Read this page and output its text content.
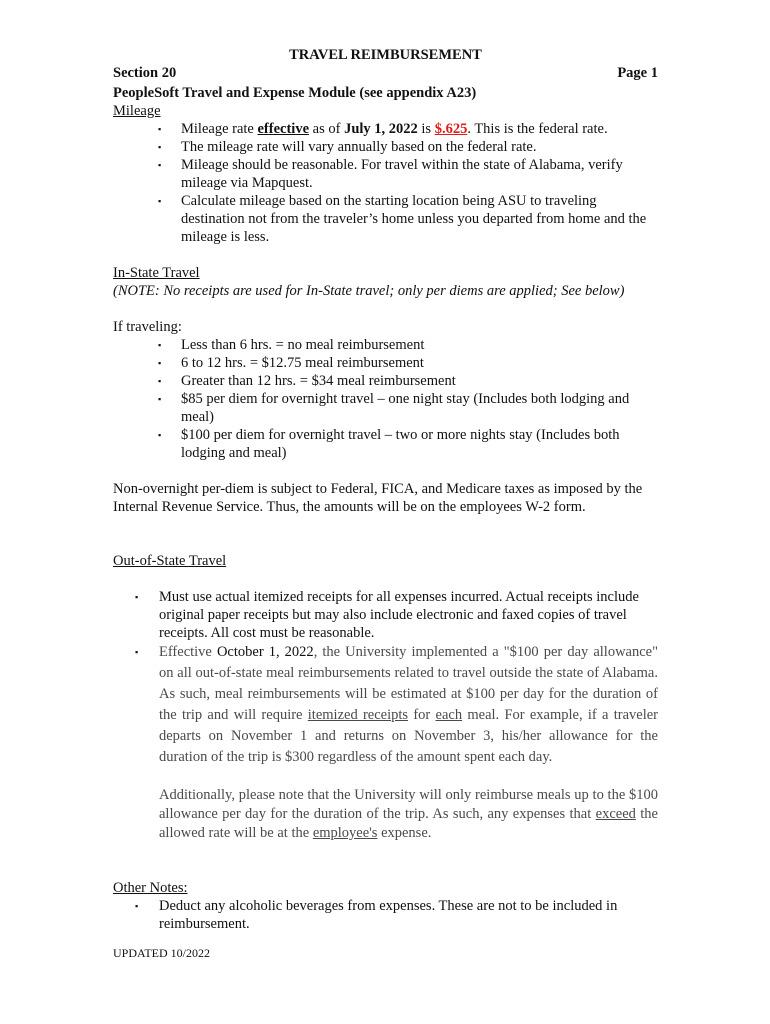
TRAVEL REIMBURSEMENT
Section 20	Page 1
PeopleSoft Travel and Expense Module (see appendix A23)
Mileage
▪ Mileage rate effective as of July 1, 2022 is $.625. This is the federal rate.
▪ The mileage rate will vary annually based on the federal rate.
▪ Mileage should be reasonable. For travel within the state of Alabama, verify mileage via Mapquest.
▪ Calculate mileage based on the starting location being ASU to traveling destination not from the traveler’s home unless you departed from home and the mileage is less.
In-State Travel
(NOTE: No receipts are used for In-State travel; only per diems are applied; See below)
If traveling:
▪ Less than 6 hrs. = no meal reimbursement
▪ 6 to 12 hrs. = $12.75 meal reimbursement
▪ Greater than 12 hrs. = $34 meal reimbursement
▪ $85 per diem for overnight travel – one night stay (Includes both lodging and meal)
▪ $100 per diem for overnight travel – two or more nights stay (Includes both lodging and meal)
Non-overnight per-diem is subject to Federal, FICA, and Medicare taxes as imposed by the Internal Revenue Service. Thus, the amounts will be on the employees W-2 form.
Out-of-State Travel
▪ Must use actual itemized receipts for all expenses incurred. Actual receipts include original paper receipts but may also include electronic and faxed copies of travel receipts. All cost must be reasonable.
▪ Effective October 1, 2022, the University implemented a "$100 per day allowance" on all out-of-state meal reimbursements related to travel outside the state of Alabama. As such, meal reimbursements will be estimated at $100 per day for the duration of the trip and will require itemized receipts for each meal. For example, if a traveler departs on November 1 and returns on November 3, his/her allowance for the duration of the trip is $300 regardless of the amount spent each day.
Additionally, please note that the University will only reimburse meals up to the $100 allowance per day for the duration of the trip. As such, any expenses that exceed the allowed rate will be at the employee's expense.
Other Notes:
▪ Deduct any alcoholic beverages from expenses. These are not to be included in reimbursement.
UPDATED 10/2022
